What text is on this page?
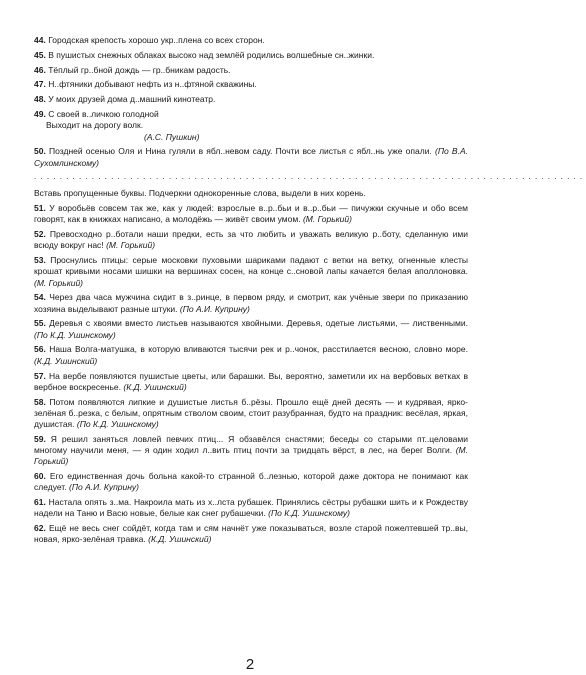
44. Городская крепость хорошо укр..плена со всех сторон.
45. В пушистых снежных облаках высоко над землёй родились волшебные сн..жинки.
46. Тёплый гр..бной дождь — гр..бникам радость.
47. Н..фтяники добывают нефть из н..фтяной скважины.
48. У моих друзей дома д..машний кинотеатр.
49. С своей в..личкою голодной
Выходит на дорогу волк.
(А.С. Пушкин)
50. Поздней осенью Оля и Нина гуляли в ябл..невом саду. Почти все листья с ябл..нь уже опали. (По В.А. Сухомлинскому)
......................................................................................
Вставь пропущенные буквы. Подчеркни однокоренные слова, выдели в них корень.
51. У воробьёв совсем так же, как у людей: взрослые в..р..бьи и в..р..бьи — пичужки скучные и обо всем говорят, как в книжках написано, а молодёжь — живёт своим умом. (М. Горький)
52. Превосходно р..ботали наши предки, есть за что любить и уважать великую р..боту, сделанную ими всюду вокруг нас! (М. Горький)
53. Проснулись птицы: серые московки пуховыми шариками падают с ветки на ветку, огненные клесты крошат кривыми носами шишки на вершинах сосен, на конце с..сновой лапы качается белая аполлоновка. (М. Горький)
54. Через два часа мужчина сидит в з..ринце, в первом ряду, и смотрит, как учёные звери по приказанию хозяина выделывают разные штуки. (По А.И. Куприну)
55. Деревья с хвоями вместо листьев называются хвойными. Деревья, одетые листьями, — лиственными. (По К.Д. Ушинскому)
56. Наша Волга-матушка, в которую вливаются тысячи рек и р..чонок, расстилается весною, словно море. (К.Д. Ушинский)
57. На вербе появляются пушистые цветы, или барашки. Вы, вероятно, заметили их на вербовых ветках в вербное воскресенье. (К.Д. Ушинский)
58. Потом появляются липкие и душистые листья б..рёзы. Прошло ещё дней десять — и кудрявая, ярко-зелёная б..резка, с белым, опрятным стволом своим, стоит разубранная, будто на праздник: весёлая, яркая, душистая. (По К.Д. Ушинскому)
59. Я решил заняться ловлей певчих птиц... Я обзавёлся снастями; беседы со старыми пт..целовами многому научили меня, — я один ходил л..вить птиц почти за тридцать вёрст, в лес, на берег Волги. (М. Горький)
60. Его единственная дочь больна какой-то странной б..лезнью, которой даже доктора не понимают как следует. (По А.И. Куприну)
61. Настала опять з..ма. Накроила мать из х..лста рубашек. Принялись сёстры рубашки шить и к Рождеству надели на Таню и Васю новые, белые как снег рубашечки. (По К.Д. Ушинскому)
62. Ещё не весь снег сойдёт, когда там и сям начнёт уже показываться, возле старой пожелтевшей тр..вы, новая, ярко-зелёная травка. (К.Д. Ушинский)
2
